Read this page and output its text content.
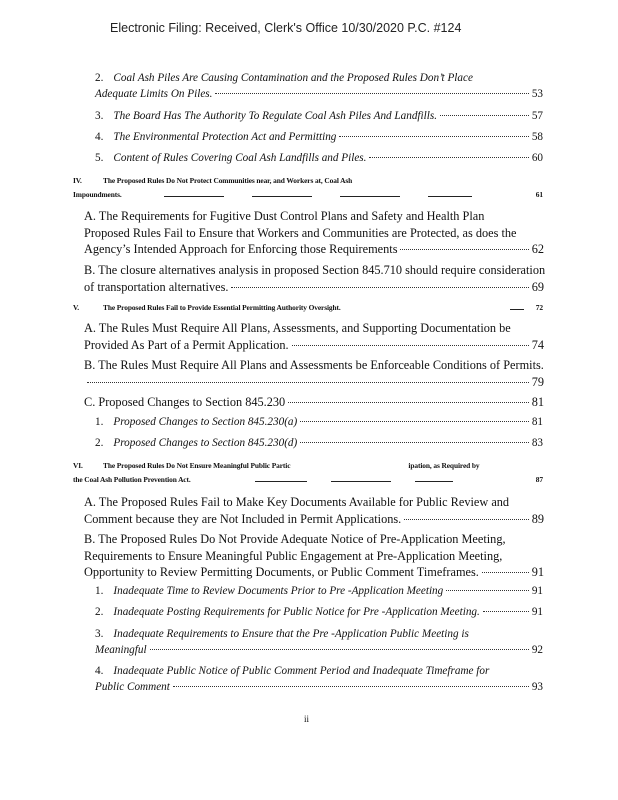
Electronic Filing: Received, Clerk's Office 10/30/2020 P.C. #124
2. Coal Ash Piles Are Causing Contamination and the Proposed Rules Don’t Place
Adequate Limits On Piles.	53
3. The Board Has The Authority To Regulate Coal Ash Piles And Landfills.	57
4. The Environmental Protection Act and Permitting	58
5. Content of Rules Covering Coal Ash Landfills and Piles.	60
IV.	The Proposed Rules Do Not Protect Communities near, and Workers at, Coal Ash
Impoundments.	61
A. The Requirements for Fugitive Dust Control Plans and Safety and Health Plan
Proposed Rules Fail to Ensure that Workers and Communities are Protected, as does the
Agency’s Intended Approach for Enforcing those Requirements	62
B. The closure alternatives analysis in proposed Section 845.710 should require consideration
of transportation alternatives.	69
V.	The Proposed Rules Fail to Provide Essential Permitting Authority Oversight.	72
A. The Rules Must Require All Plans, Assessments, and Supporting Documentation be
Provided As Part of a Permit Application.	74
B. The Rules Must Require All Plans and Assessments be Enforceable Conditions of Permits.
79
C. Proposed Changes to Section 845.230	81
1. Proposed Changes to Section 845.230(a)	81
2. Proposed Changes to Section 845.230(d)	83
VI.	The Proposed Rules Do Not Ensure Meaningful Public Partic	ipation, as Required by
the Coal Ash Pollution Prevention Act.	87
A. The Proposed Rules Fail to Make Key Documents Available for Public Review and
Comment because they are Not Included in Permit Applications.	89
B. The Proposed Rules Do Not Provide Adequate Notice of Pre-Application Meeting,
Requirements to Ensure Meaningful Public Engagement at Pre-Application Meeting,
Opportunity to Review Permitting Documents, or Public Comment Timeframes.	91
1. Inadequate Time to Review Documents Prior to Pre -Application Meeting	91
2. Inadequate Posting Requirements for Public Notice for Pre -Application Meeting.	91
3. Inadequate Requirements to Ensure that the Pre -Application Public Meeting is
Meaningful	92
4. Inadequate Public Notice of Public Comment Period and Inadequate Timeframe for
Public Comment	93
ii
